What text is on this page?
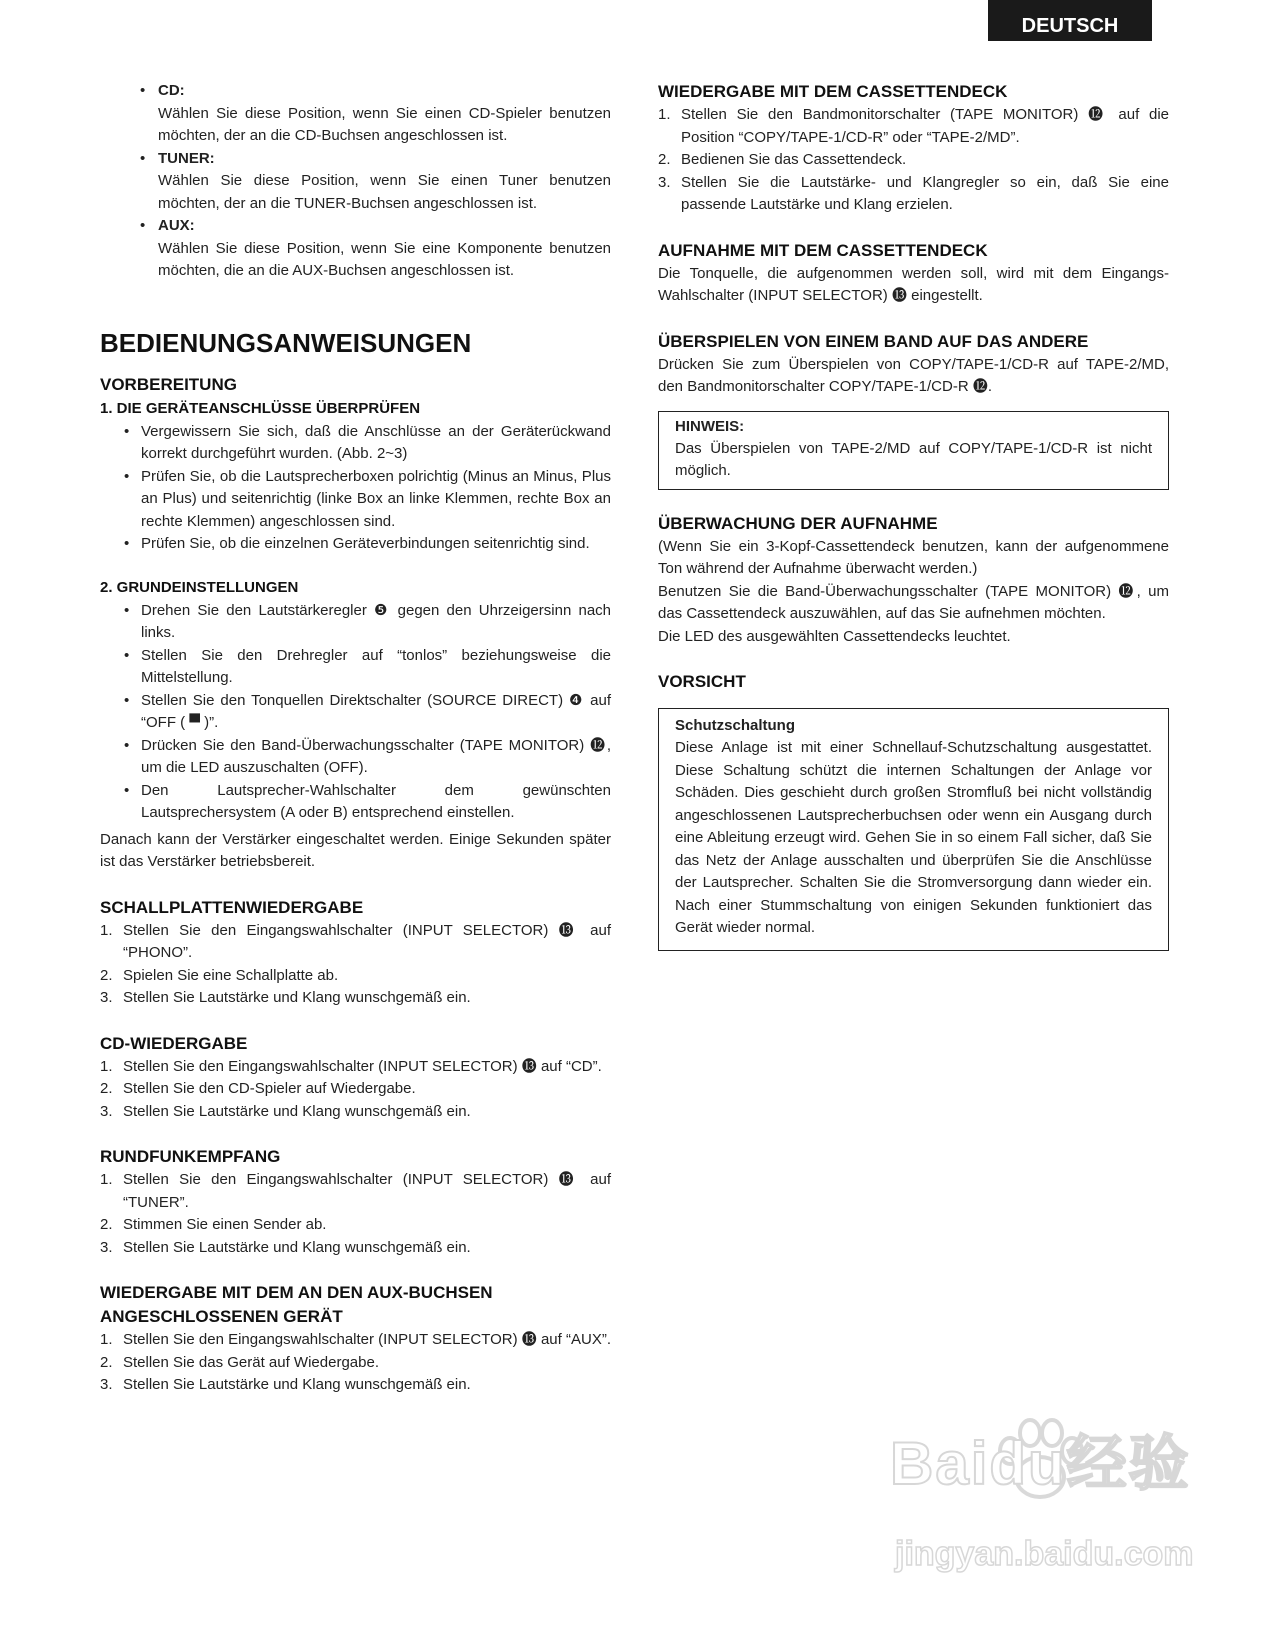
DEUTSCH
• CD:
Wählen Sie diese Position, wenn Sie einen CD-Spieler benutzen möchten, der an die CD-Buchsen angeschlossen ist.
• TUNER:
Wählen Sie diese Position, wenn Sie einen Tuner benutzen möchten, der an die TUNER-Buchsen angeschlossen ist.
• AUX:
Wählen Sie diese Position, wenn Sie eine Komponente benutzen möchten, die an die AUX-Buchsen angeschlossen ist.
BEDIENUNGSANWEISUNGEN
VORBEREITUNG
1. DIE GERÄTEANSCHLÜSSE ÜBERPRÜFEN
• Vergewissern Sie sich, daß die Anschlüsse an der Geräterückwand korrekt durchgeführt wurden. (Abb. 2~3)
• Prüfen Sie, ob die Lautsprecherboxen polrichtig (Minus an Minus, Plus an Plus) und seitenrichtig (linke Box an linke Klemmen, rechte Box an rechte Klemmen) angeschlossen sind.
• Prüfen Sie, ob die einzelnen Geräteverbindungen seitenrichtig sind.
2. GRUNDEINSTELLUNGEN
• Drehen Sie den Lautstärkeregler ❺ gegen den Uhrzeigersinn nach links.
• Stellen Sie den Drehregler auf “tonlos” beziehungsweise die Mittelstellung.
• Stellen Sie den Tonquellen Direktschalter (SOURCE DIRECT) ❹ auf “OFF ( ▀ )”.
• Drücken Sie den Band-Überwachungsschalter (TAPE MONITOR) ⓬, um die LED auszuschalten (OFF).
• Den Lautsprecher-Wahlschalter dem gewünschten Lautsprechersystem (A oder B) entsprechend einstellen.

Danach kann der Verstärker eingeschaltet werden. Einige Sekunden später ist das Verstärker betriebsbereit.

SCHALLPLATTENWIEDERGABE
1. Stellen Sie den Eingangswahlschalter (INPUT SELECTOR) ⓭ auf “PHONO”.
2. Spielen Sie eine Schallplatte ab.
3. Stellen Sie Lautstärke und Klang wunschgemäß ein.
CD-WIEDERGABE
1. Stellen Sie den Eingangswahlschalter (INPUT SELECTOR) ⓭ auf “CD”.
2. Stellen Sie den CD-Spieler auf Wiedergabe.
3. Stellen Sie Lautstärke und Klang wunschgemäß ein.
RUNDFUNKEMPFANG
1. Stellen Sie den Eingangswahlschalter (INPUT SELECTOR) ⓭ auf “TUNER”.
2. Stimmen Sie einen Sender ab.
3. Stellen Sie Lautstärke und Klang wunschgemäß ein.
WIEDERGABE MIT DEM AN DEN AUX-BUCHSEN
ANGESCHLOSSENEN GERÄT
1. Stellen Sie den Eingangswahlschalter (INPUT SELECTOR) ⓭ auf “AUX”.
2. Stellen Sie das Gerät auf Wiedergabe.
3. Stellen Sie Lautstärke und Klang wunschgemäß ein.
WIEDERGABE MIT DEM CASSETTENDECK
1. Stellen Sie den Bandmonitorschalter (TAPE MONITOR) ⓬ auf die Position “COPY/TAPE-1/CD-R” oder “TAPE-2/MD”.
2. Bedienen Sie das Cassettendeck.
3. Stellen Sie die Lautstärke- und Klangregler so ein, daß Sie eine passende Lautstärke und Klang erzielen.
AUFNAHME MIT DEM CASSETTENDECK

Die Tonquelle, die aufgenommen werden soll, wird mit dem Eingangs-Wahlschalter (INPUT SELECTOR) ⓭ eingestellt.

ÜBERSPIELEN VON EINEM BAND AUF DAS ANDERE

Drücken Sie zum Überspielen von COPY/TAPE-1/CD-R auf TAPE-2/MD, den Bandmonitorschalter COPY/TAPE-1/CD-R ⓬.

HINWEIS:

Das Überspielen von TAPE-2/MD auf COPY/TAPE-1/CD-R ist nicht möglich.

ÜBERWACHUNG DER AUFNAHME

(Wenn Sie ein 3-Kopf-Cassettendeck benutzen, kann der aufgenommene Ton während der Aufnahme überwacht werden.)

Benutzen Sie die Band-Überwachungsschalter (TAPE MONITOR) ⓬, um das Cassettendeck auszuwählen, auf das Sie aufnehmen möchten.

Die LED des ausgewählten Cassettendecks leuchtet.

VORSICHT
Schutzschaltung

Diese Anlage ist mit einer Schnellauf-Schutzschaltung ausgestattet. Diese Schaltung schützt die internen Schaltungen der Anlage vor Schäden. Dies geschieht durch großen Stromfluß bei nicht vollständig angeschlossenen Lautsprecherbuchsen oder wenn ein Ausgang durch eine Ableitung erzeugt wird. Gehen Sie in so einem Fall sicher, daß Sie das Netz der Anlage ausschalten und überprüfen Sie die Anschlüsse der Lautsprecher. Schalten Sie die Stromversorgung dann wieder ein. Nach einer Stummschaltung von einigen Sekunden funktioniert das Gerät wieder normal.

Baidu经验
jingyan.baidu.com
